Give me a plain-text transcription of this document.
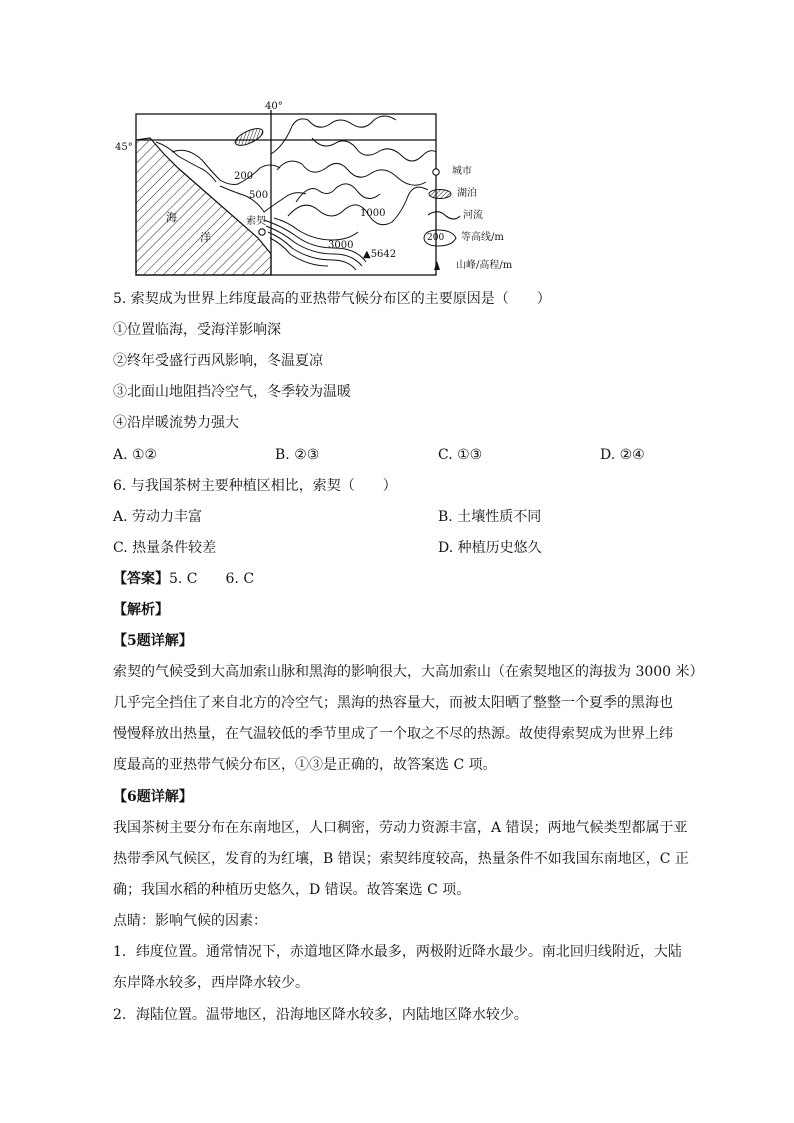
40°
45°
海
洋
索契
200
500
1000
3000
▲5642
城市
湖泊
河流
200 等高线/m
山峰/高程/m
5. 索契成为世界上纬度最高的亚热带气候分布区的主要原因是（　　）
①位置临海，受海洋影响深
②终年受盛行西风影响，冬温夏凉
③北面山地阻挡冷空气，冬季较为温暖
④沿岸暖流势力强大
A. ①②	B. ②③	C. ①③	D. ②④
6. 与我国茶树主要种植区相比，索契（　　）
A. 劳动力丰富	B. 土壤性质不同
C. 热量条件较差	D. 种植历史悠久
【答案】5. C　　6. C
【解析】
【5题详解】
索契的气候受到大高加索山脉和黑海的影响很大，大高加索山（在索契地区的海拔为 3000 米）
几乎完全挡住了来自北方的冷空气；黑海的热容量大，而被太阳晒了整整一个夏季的黑海也
慢慢释放出热量，在气温较低的季节里成了一个取之不尽的热源。故使得索契成为世界上纬
度最高的亚热带气候分布区，①③是正确的，故答案选 C 项。
【6题详解】
我国茶树主要分布在东南地区，人口稠密，劳动力资源丰富，A 错误；两地气候类型都属于亚
热带季风气候区，发育的为红壤，B 错误；索契纬度较高，热量条件不如我国东南地区，C 正
确；我国水稻的种植历史悠久，D 错误。故答案选 C 项。
点睛：影响气候的因素：
1．纬度位置。通常情况下，赤道地区降水最多，两极附近降水最少。南北回归线附近，大陆
东岸降水较多，西岸降水较少。
2．海陆位置。温带地区，沿海地区降水较多，内陆地区降水较少。
